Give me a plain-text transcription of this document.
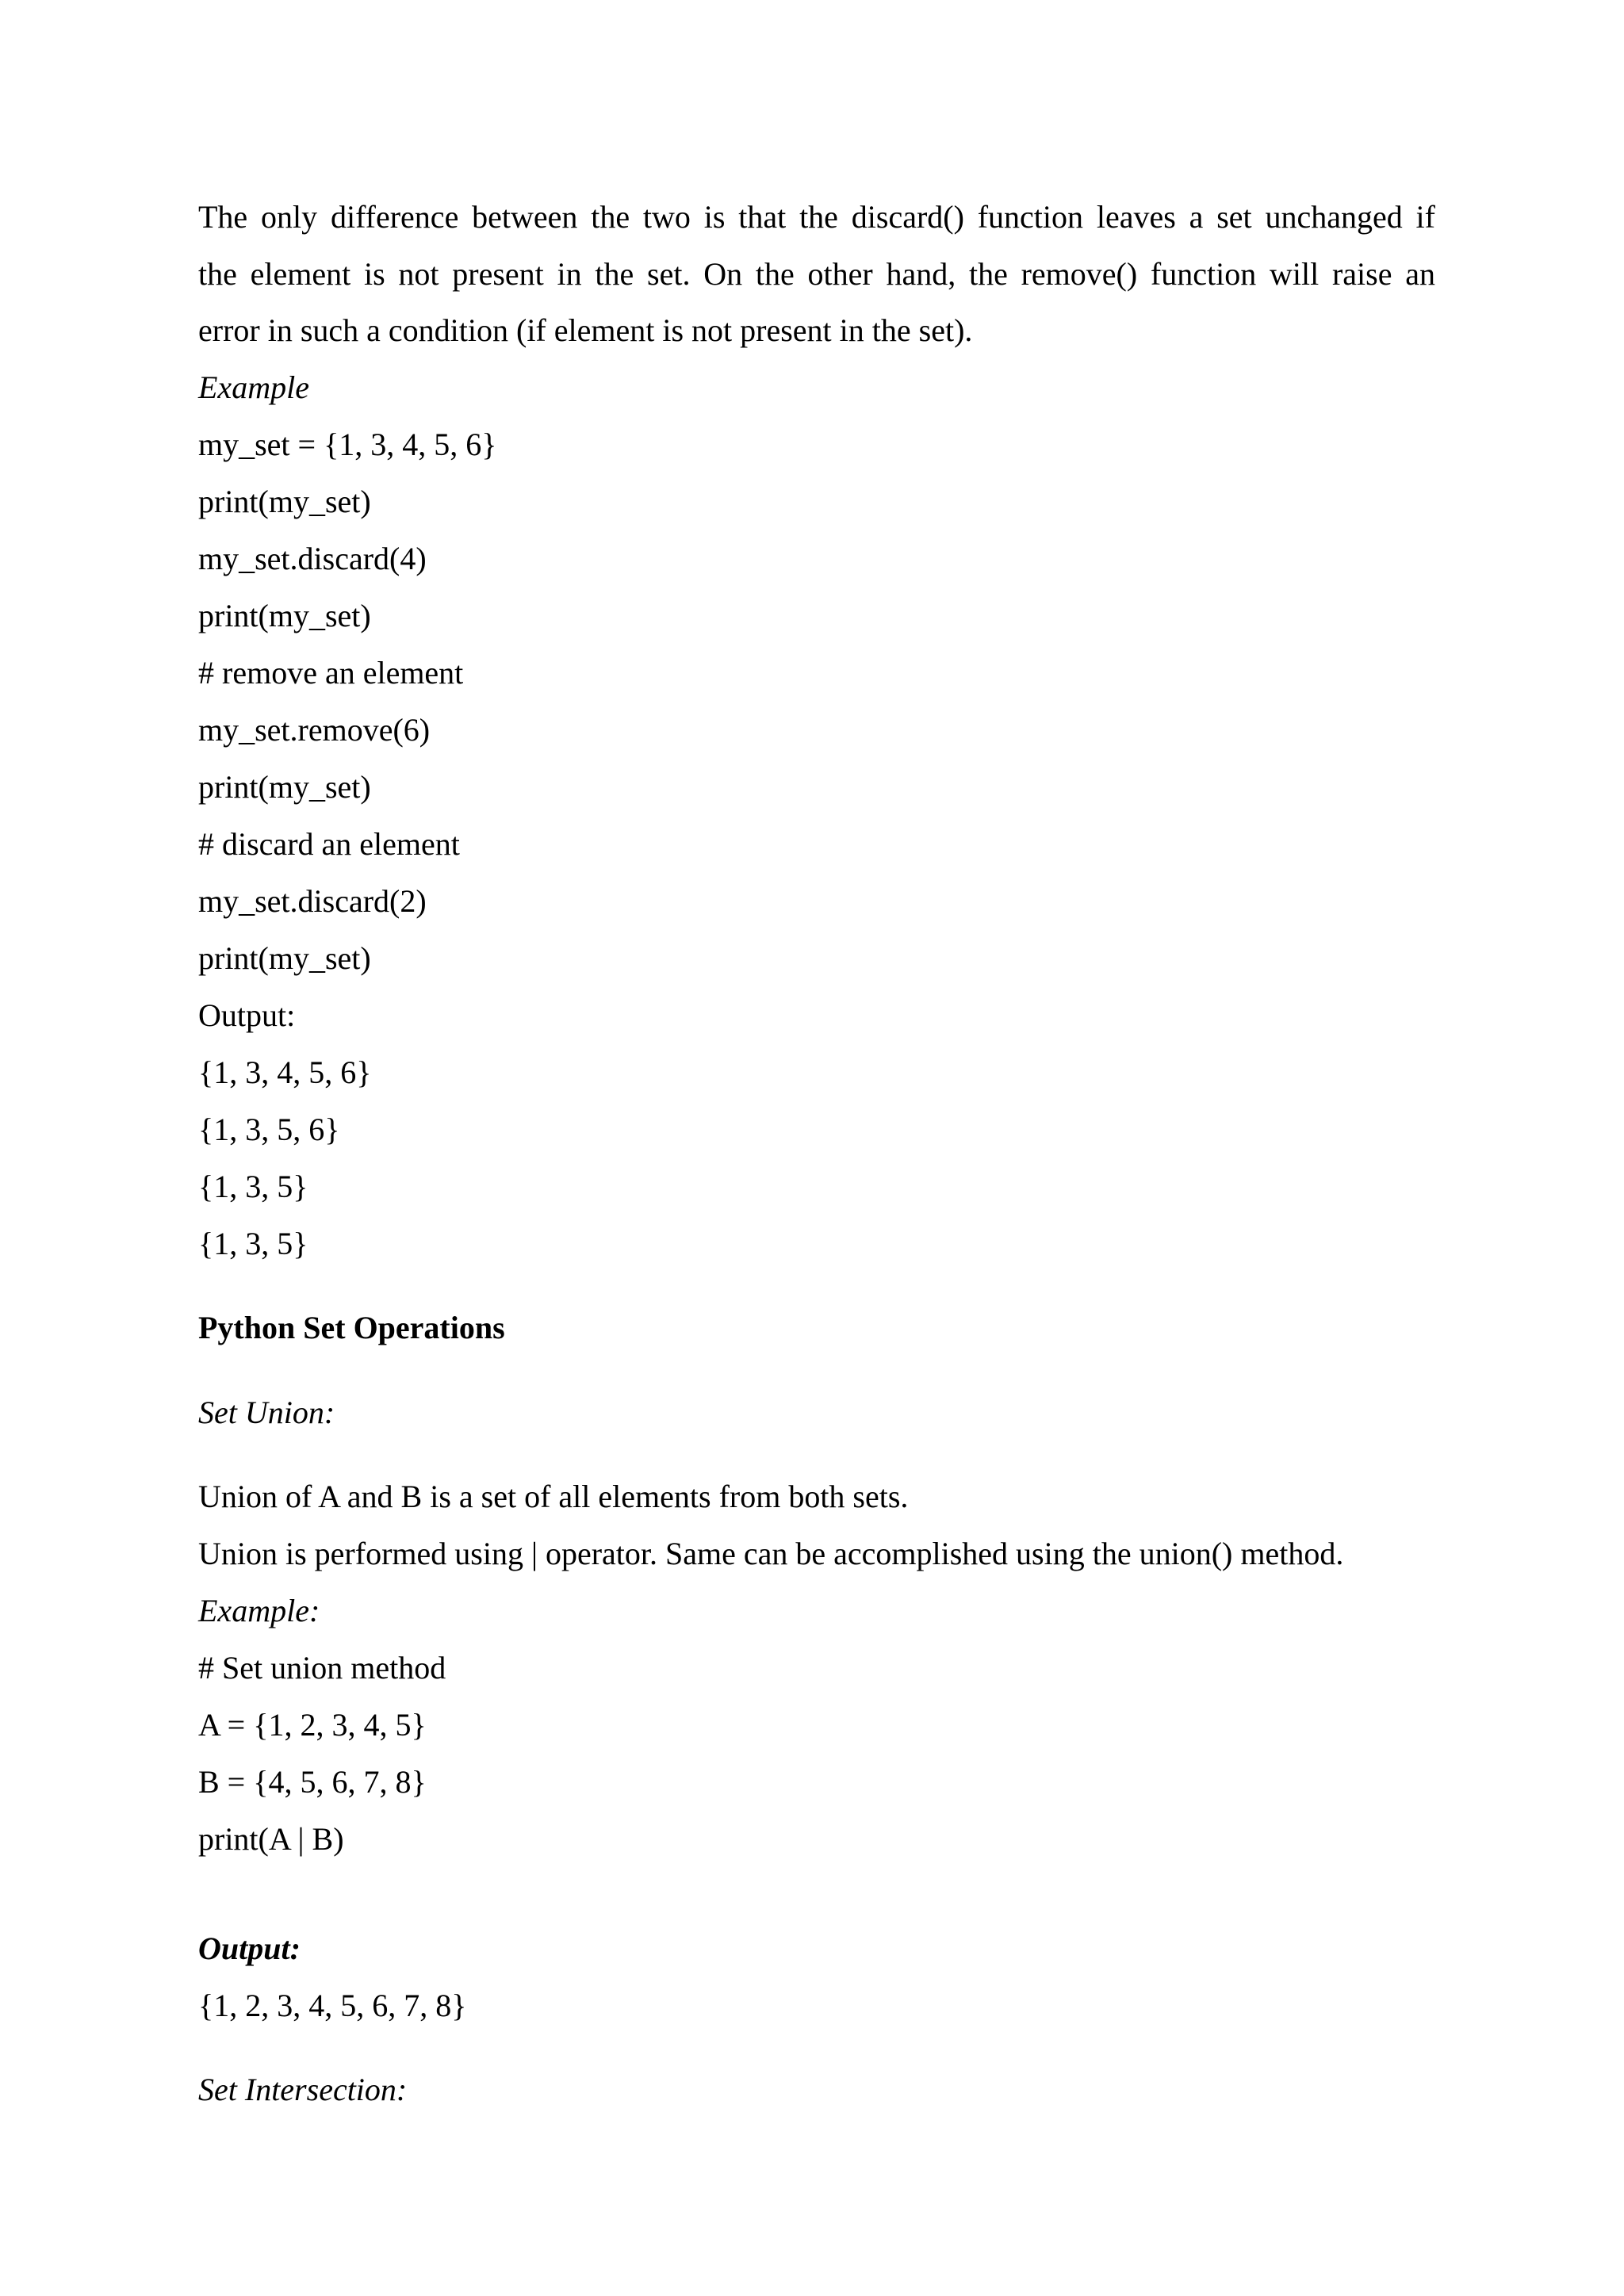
The only difference between the two is that the discard() function leaves a set unchanged if
the element is not present in the set. On the other hand, the remove() function will raise an
error in such a condition (if element is not present in the set).
Example
my_set = {1, 3, 4, 5, 6}
print(my_set)
my_set.discard(4)
print(my_set)
# remove an element
my_set.remove(6)
print(my_set)
# discard an element
my_set.discard(2)
print(my_set)
Output:
{1, 3, 4, 5, 6}
{1, 3, 5, 6}
{1, 3, 5}
{1, 3, 5}
Python Set Operations
Set Union:
Union of A and B is a set of all elements from both sets.
Union is performed using | operator. Same can be accomplished using the union() method.
Example:
# Set union method
A = {1, 2, 3, 4, 5}
B = {4, 5, 6, 7, 8}
print(A | B)
Output:
{1, 2, 3, 4, 5, 6, 7, 8}
Set Intersection:
